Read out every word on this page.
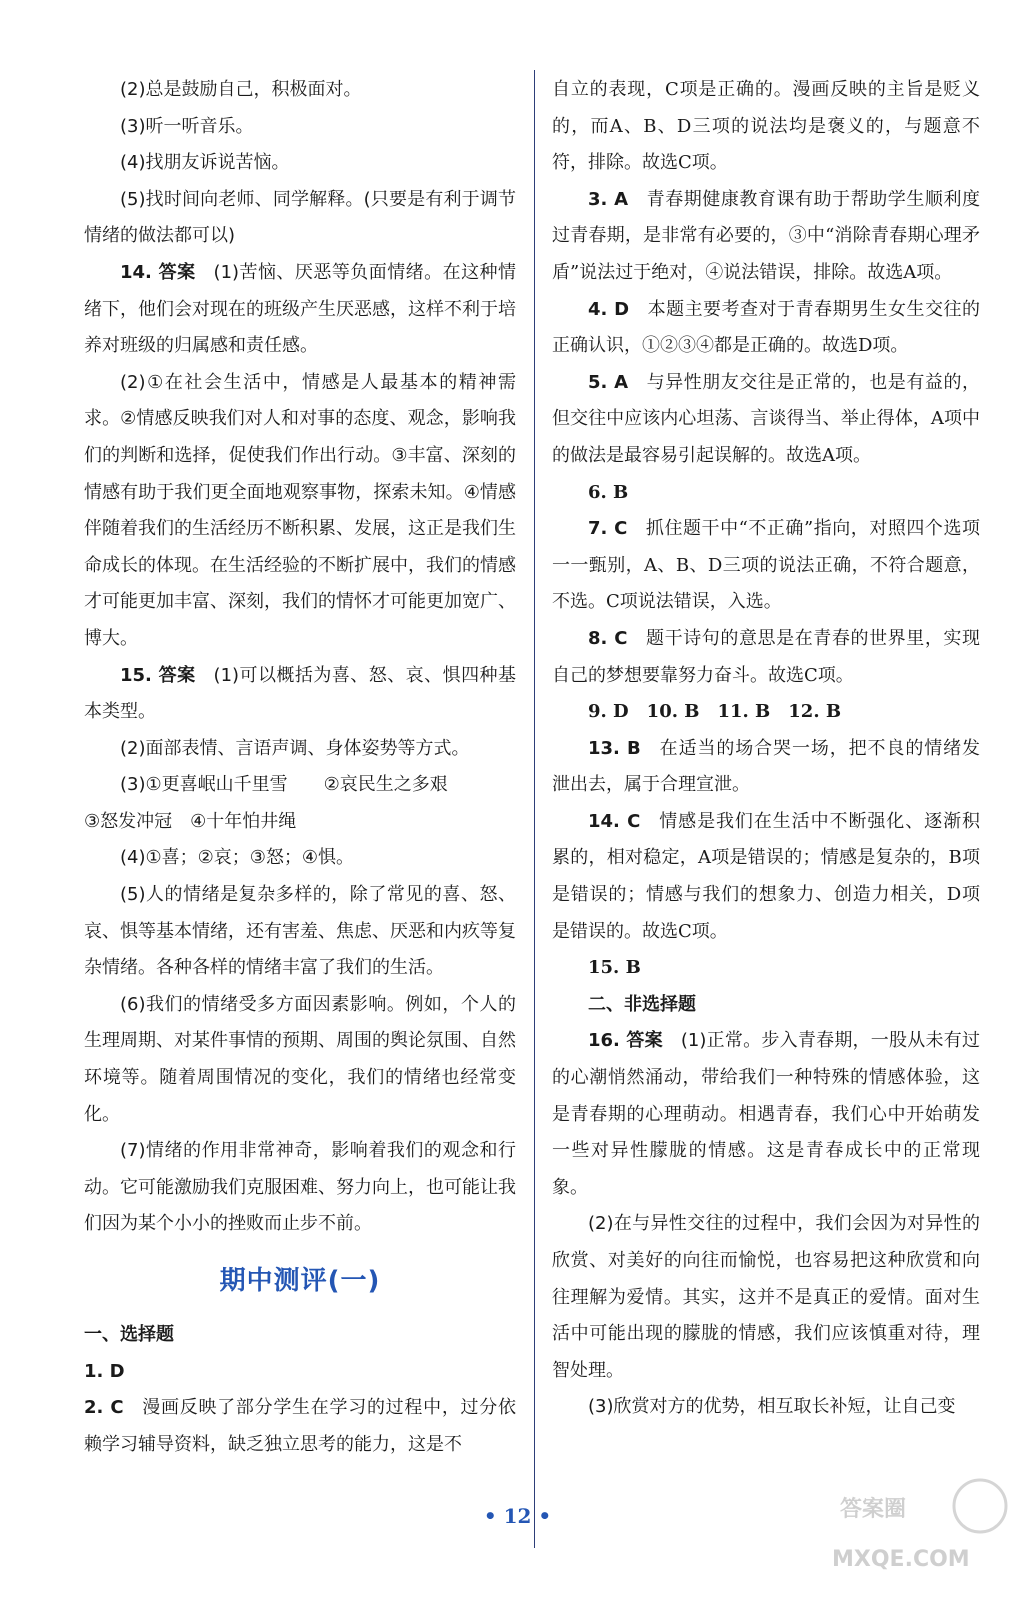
(2)总是鼓励自己，积极面对。

(3)听一听音乐。

(4)找朋友诉说苦恼。

(5)找时间向老师、同学解释。(只要是有利于调节情绪的做法都可以)

14. 答案 (1)苦恼、厌恶等负面情绪。在这种情绪下，他们会对现在的班级产生厌恶感，这样不利于培养对班级的归属感和责任感。

(2)①在社会生活中，情感是人最基本的精神需求。②情感反映我们对人和对事的态度、观念，影响我们的判断和选择，促使我们作出行动。③丰富、深刻的情感有助于我们更全面地观察事物，探索未知。④情感伴随着我们的生活经历不断积累、发展，这正是我们生命成长的体现。在生活经验的不断扩展中，我们的情感才可能更加丰富、深刻，我们的情怀才可能更加宽广、博大。

15. 答案 (1)可以概括为喜、怒、哀、惧四种基本类型。

(2)面部表情、言语声调、身体姿势等方式。

(3)①更喜岷山千里雪 ②哀民生之多艰

③怒发冲冠 ④十年怕井绳

(4)①喜；②哀；③怒；④惧。

(5)人的情绪是复杂多样的，除了常见的喜、怒、哀、惧等基本情绪，还有害羞、焦虑、厌恶和内疚等复杂情绪。各种各样的情绪丰富了我们的生活。

(6)我们的情绪受多方面因素影响。例如，个人的生理周期、对某件事情的预期、周围的舆论氛围、自然环境等。随着周围情况的变化，我们的情绪也经常变化。

(7)情绪的作用非常神奇，影响着我们的观念和行动。它可能激励我们克服困难、努力向上，也可能让我们因为某个小小的挫败而止步不前。

期中测评(一)

一、选择题

1. D

2. C 漫画反映了部分学生在学习的过程中，过分依赖学习辅导资料，缺乏独立思考的能力，这是不

自立的表现，C项是正确的。漫画反映的主旨是贬义的，而A、B、D三项的说法均是褒义的，与题意不符，排除。故选C项。

3. A 青春期健康教育课有助于帮助学生顺利度过青春期，是非常有必要的，③中“消除青春期心理矛盾”说法过于绝对，④说法错误，排除。故选A项。

4. D 本题主要考查对于青春期男生女生交往的正确认识，①②③④都是正确的。故选D项。

5. A 与异性朋友交往是正常的，也是有益的，但交往中应该内心坦荡、言谈得当、举止得体，A项中的做法是最容易引起误解的。故选A项。

6. B

7. C 抓住题干中“不正确”指向，对照四个选项一一甄别，A、B、D三项的说法正确，不符合题意，不选。C项说法错误，入选。

8. C 题干诗句的意思是在青春的世界里，实现自己的梦想要靠努力奋斗。故选C项。

9. D 10. B 11. B 12. B

13. B 在适当的场合哭一场，把不良的情绪发泄出去，属于合理宣泄。

14. C 情感是我们在生活中不断强化、逐渐积累的，相对稳定，A项是错误的；情感是复杂的，B项是错误的；情感与我们的想象力、创造力相关，D项是错误的。故选C项。

15. B

二、非选择题

16. 答案 (1)正常。步入青春期，一股从未有过的心潮悄然涌动，带给我们一种特殊的情感体验，这是青春期的心理萌动。相遇青春，我们心中开始萌发一些对异性朦胧的情感。这是青春成长中的正常现象。

(2)在与异性交往的过程中，我们会因为对异性的欣赏、对美好的向往而愉悦，也容易把这种欣赏和向往理解为爱情。其实，这并不是真正的爱情。面对生活中可能出现的朦胧的情感，我们应该慎重对待，理智处理。

(3)欣赏对方的优势，相互取长补短，让自己变

• 12 •	答案圈
MXQE.COM
